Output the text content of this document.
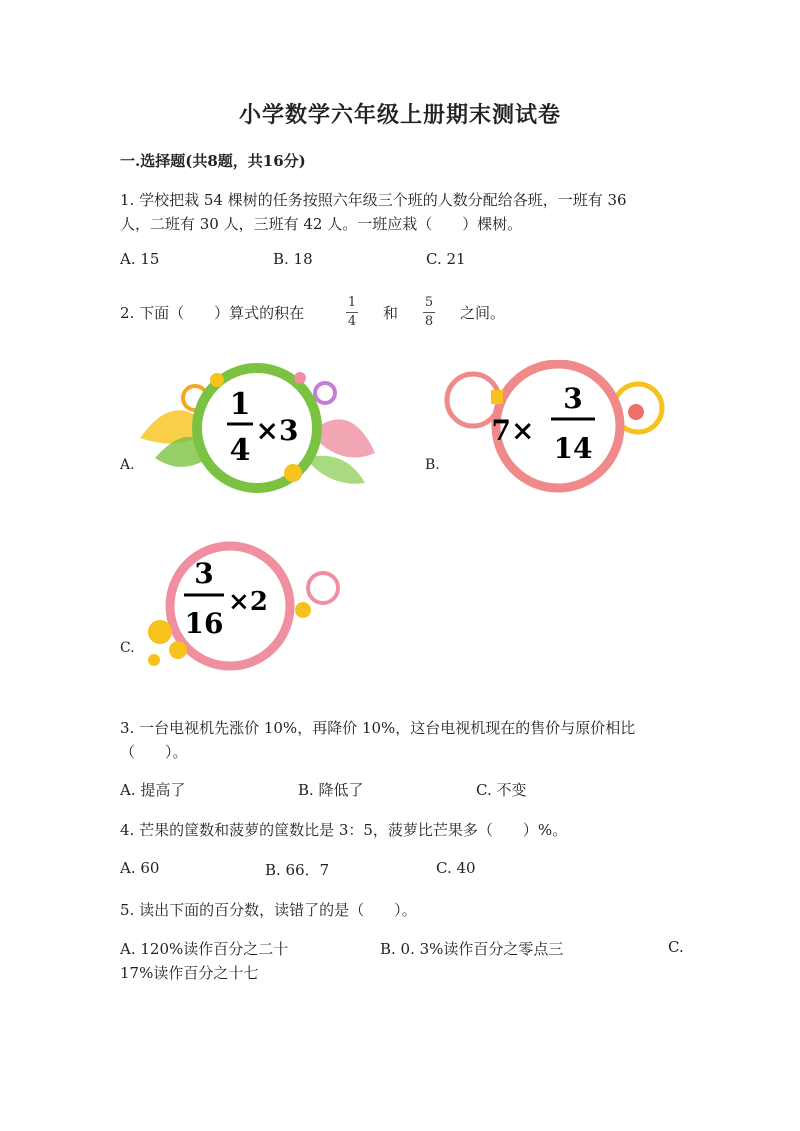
小学数学六年级上册期末测试卷
一.选择题(共8题，共16分)
1. 学校把栽 54 棵树的任务按照六年级三个班的人数分配给各班，一班有 36
人，二班有 30 人，三班有 42 人。一班应栽（　　）棵树。
A. 15	B. 18	C. 21
2. 下面（　　）算式的积在
1
4 和
5
8 之间。
A.
1
4
×3
B.
7×
3
14
C.
3
16
×2
3. 一台电视机先涨价 10%，再降价 10%，这台电视机现在的售价与原价相比
（　　）。
A. 提高了	B. 降低了	C. 不变
4. 芒果的筐数和菠萝的筐数比是 3：5，菠萝比芒果多（　　）%。
A. 60	B. 66．7	C. 40
5. 读出下面的百分数，读错了的是（　　）。
A. 120%读作百分之二十	B. 0. 3%读作百分之零点三	C.
17%读作百分之十七
